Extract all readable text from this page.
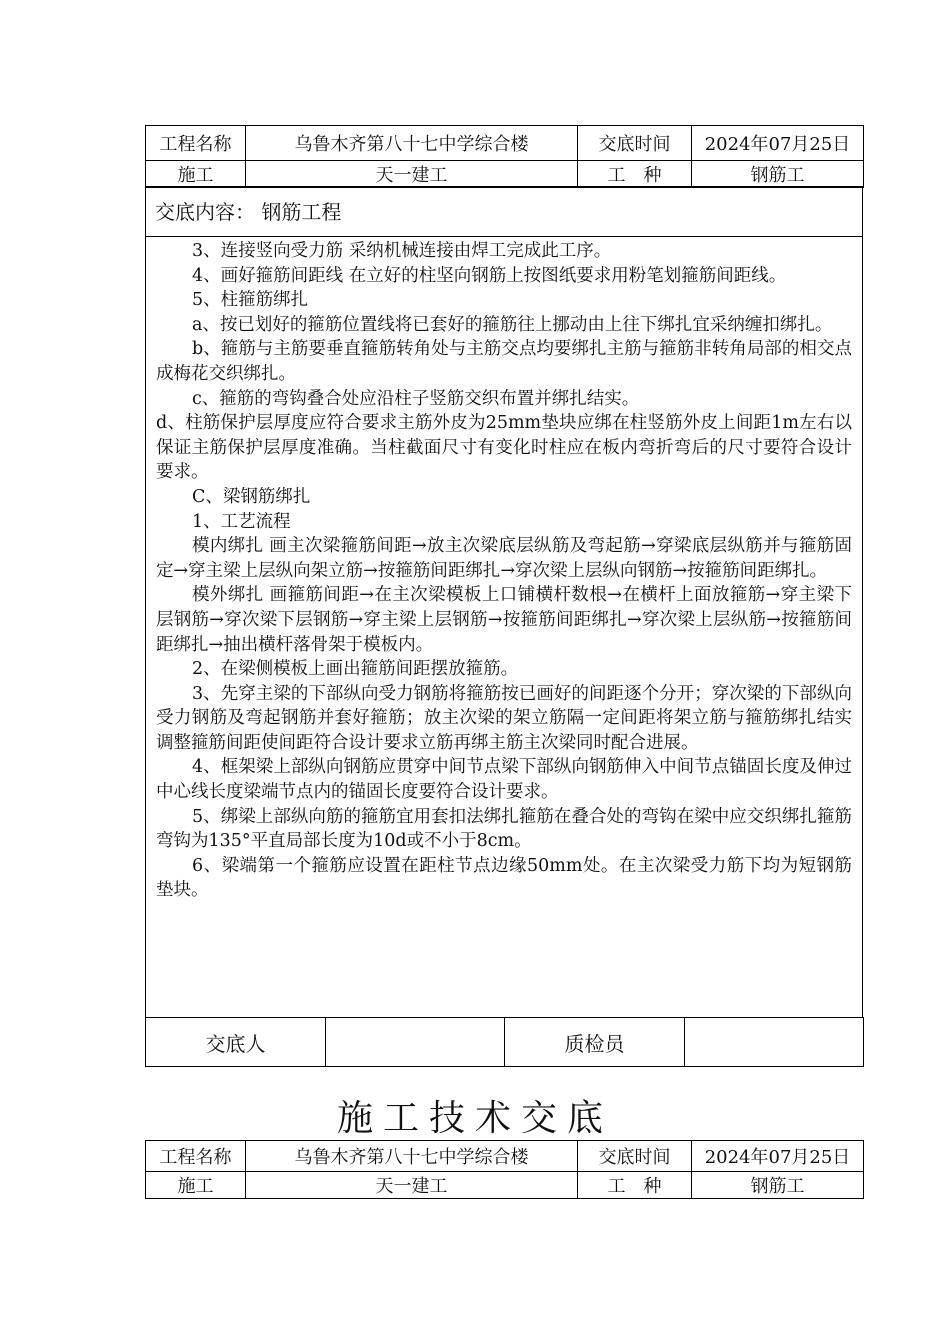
工程名称	乌鲁木齐第八十七中学综合楼	交底时间	2024年07月25日
施工	天一建工	工　种	钢筋工
交底内容： 钢筋工程

3、连接竖向受力筋 采纳机械连接由焊工完成此工序。

4、画好箍筋间距线 在立好的柱坚向钢筋上按图纸要求用粉笔划箍筋间距线。

5、柱箍筋绑扎

a、按已划好的箍筋位置线将已套好的箍筋往上挪动由上往下绑扎宜采纳缠扣绑扎。

b、箍筋与主筋要垂直箍筋转角处与主筋交点均要绑扎主筋与箍筋非转角局部的相交点成梅花交织绑扎。

c、箍筋的弯钩叠合处应沿柱子竖筋交织布置并绑扎结实。

d、柱筋保护层厚度应符合要求主筋外皮为25mm垫块应绑在柱竖筋外皮上间距1m左右以保证主筋保护层厚度准确。当柱截面尺寸有变化时柱应在板内弯折弯后的尺寸要符合设计要求。

C、梁钢筋绑扎

1、工艺流程

模内绑扎 画主次梁箍筋间距→放主次梁底层纵筋及弯起筋→穿梁底层纵筋并与箍筋固定→穿主梁上层纵向架立筋→按箍筋间距绑扎→穿次梁上层纵向钢筋→按箍筋间距绑扎。

模外绑扎 画箍筋间距→在主次梁模板上口铺横杆数根→在横杆上面放箍筋→穿主梁下层钢筋→穿次梁下层钢筋→穿主梁上层钢筋→按箍筋间距绑扎→穿次梁上层纵筋→按箍筋间距绑扎→抽出横杆落骨架于模板内。

2、在梁侧模板上画出箍筋间距摆放箍筋。

3、先穿主梁的下部纵向受力钢筋将箍筋按已画好的间距逐个分开；穿次梁的下部纵向受力钢筋及弯起钢筋并套好箍筋；放主次梁的架立筋隔一定间距将架立筋与箍筋绑扎结实调整箍筋间距使间距符合设计要求立筋再绑主筋主次梁同时配合进展。

4、框架梁上部纵向钢筋应贯穿中间节点梁下部纵向钢筋伸入中间节点锚固长度及伸过中心线长度梁端节点内的锚固长度要符合设计要求。

5、绑梁上部纵向筋的箍筋宜用套扣法绑扎箍筋在叠合处的弯钩在梁中应交织绑扎箍筋弯钩为135°平直局部长度为10d或不小于8cm。

6、梁端第一个箍筋应设置在距柱节点边缘50mm处。在主次梁受力筋下均为短钢筋垫块。

交底人		质检员	
施工技术交底
工程名称	乌鲁木齐第八十七中学综合楼	交底时间	2024年07月25日
施工	天一建工	工　种	钢筋工
